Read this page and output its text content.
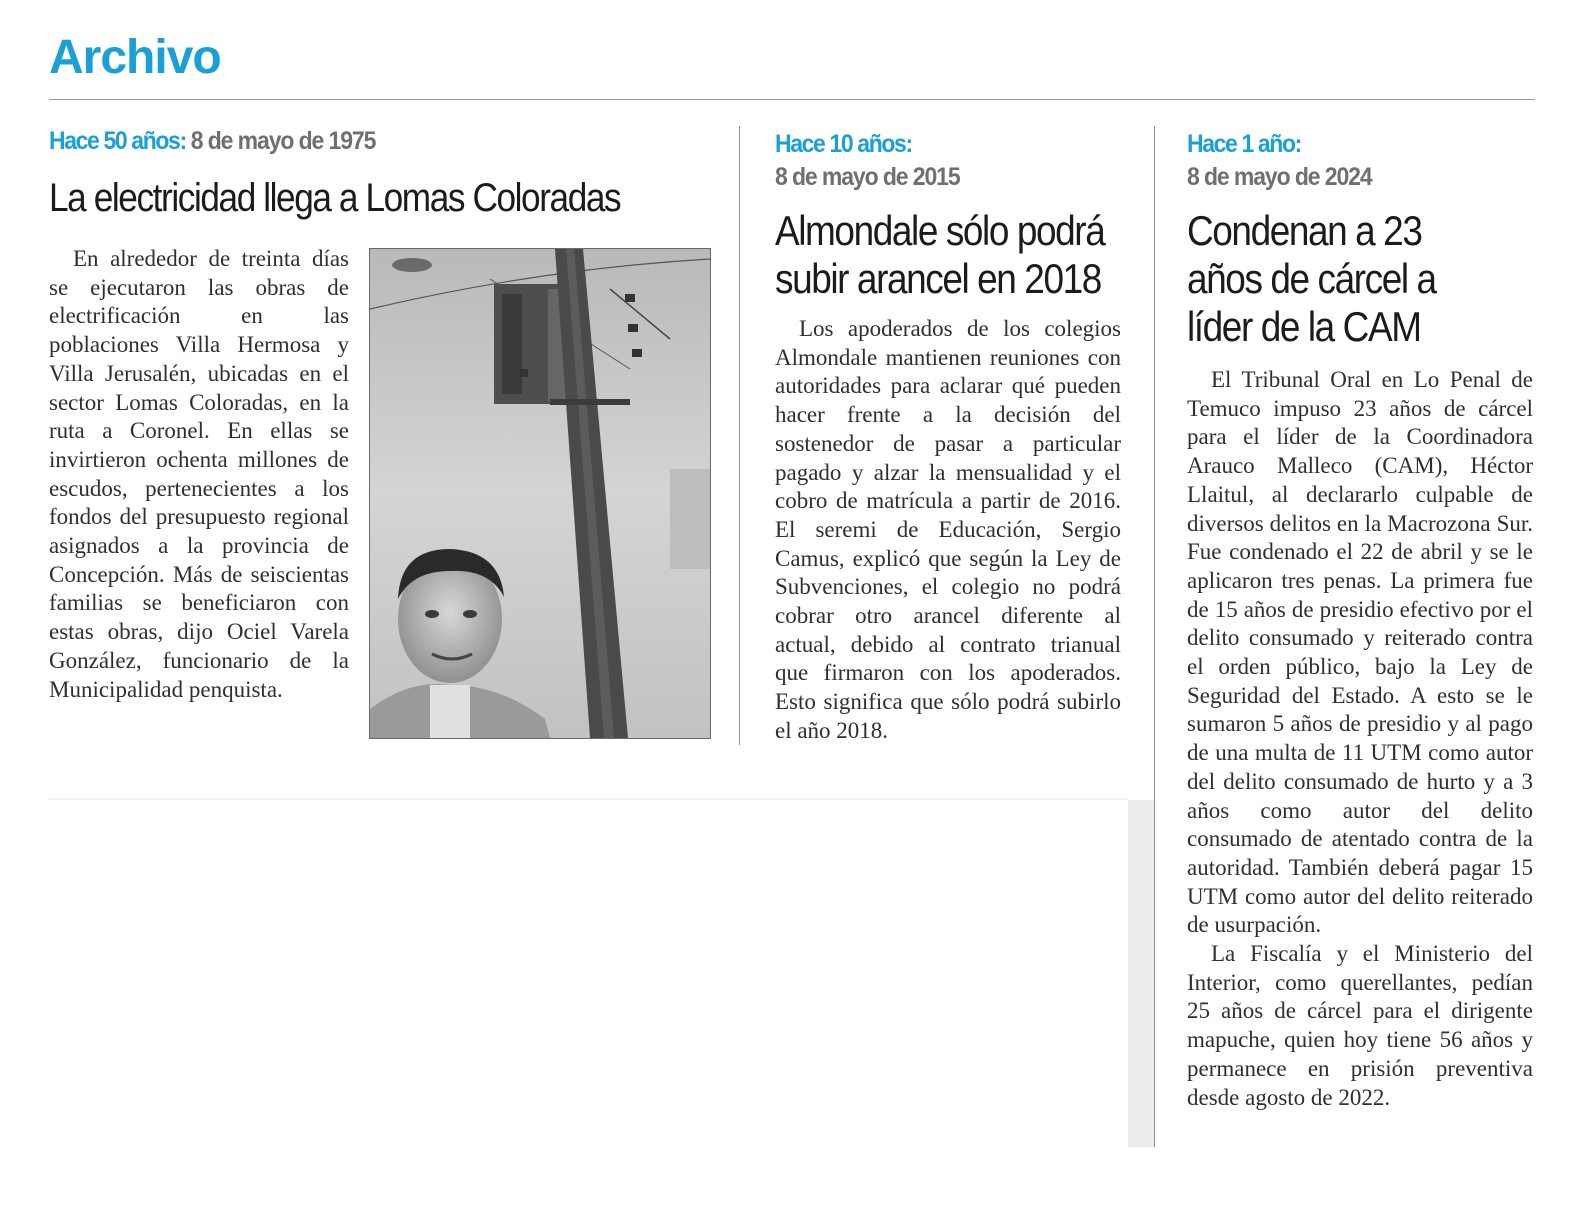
Archivo
Hace 50 años: 8 de mayo de 1975
La electricidad llega a Lomas Coloradas

En alrededor de treinta días se ejecutaron las obras de electrificación en las poblaciones Villa Hermosa y Villa Jerusalén, ubicadas en el sector Lomas Coloradas, en la ruta a Coronel. En ellas se invirtieron ochenta millones de escudos, pertenecientes a los fondos del presupuesto regional asignados a la provincia de Concepción. Más de seiscientas familias se beneficiaron con estas obras, dijo Ociel Varela González, funcionario de la Municipalidad penquista.

Hace 10 años:
8 de mayo de 2015
Almondale sólo podrá
subir arancel en 2018

Los apoderados de los colegios Almondale mantienen reuniones con autoridades para aclarar qué pueden hacer frente a la decisión del sostenedor de pasar a particular pagado y alzar la mensualidad y el cobro de matrícula a partir de 2016. El seremi de Educación, Sergio Camus, explicó que según la Ley de Subvenciones, el colegio no podrá cobrar otro arancel diferente al actual, debido al contrato trianual que firmaron con los apoderados. Esto significa que sólo podrá subirlo el año 2018.

Hace 1 año:
8 de mayo de 2024
Condenan a 23
años de cárcel a
líder de la CAM

El Tribunal Oral en Lo Penal de Temuco impuso 23 años de cárcel para el líder de la Coordinadora Arauco Malleco (CAM), Héctor Llaitul, al declararlo culpable de diversos delitos en la Macrozona Sur. Fue condenado el 22 de abril y se le aplicaron tres penas. La primera fue de 15 años de presidio efectivo por el delito consumado y reiterado contra el orden público, bajo la Ley de Seguridad del Estado. A esto se le sumaron 5 años de presidio y al pago de una multa de 11 UTM como autor del delito consumado de hurto y a 3 años como autor del delito consumado de atentado contra de la autoridad. También deberá pagar 15 UTM como autor del delito reiterado de usurpación.

La Fiscalía y el Ministerio del Interior, como querellantes, pedían 25 años de cárcel para el dirigente mapuche, quien hoy tiene 56 años y permanece en prisión preventiva desde agosto de 2022.
